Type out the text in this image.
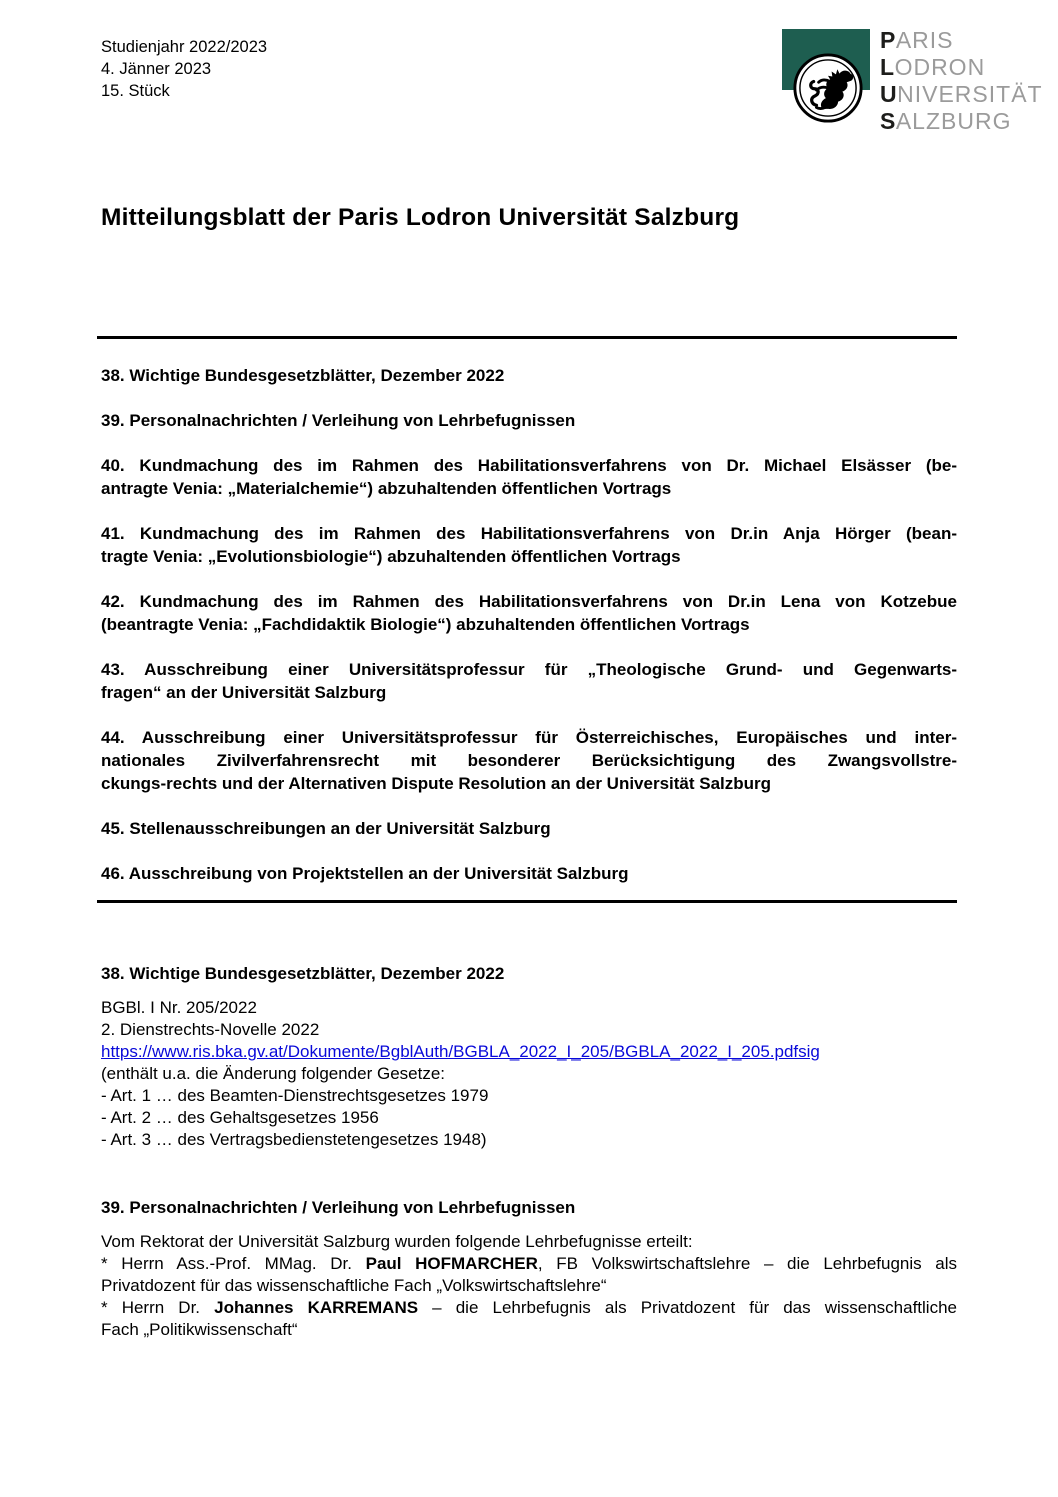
Studienjahr 2022/2023
4. Jänner 2023
15. Stück
PARIS
LODRON
UNIVERSITÄT
SALZBURG
Mitteilungsblatt der Paris Lodron Universität Salzburg
38. Wichtige Bundesgesetzblätter, Dezember 2022
39. Personalnachrichten / Verleihung von Lehrbefugnissen
40. Kundmachung des im Rahmen des Habilitationsverfahrens von Dr. Michael Elsässer (be-
antragte Venia: „Materialchemie“) abzuhaltenden öffentlichen Vortrags
41. Kundmachung des im Rahmen des Habilitationsverfahrens von Dr.in Anja Hörger (bean-
tragte Venia: „Evolutionsbiologie“) abzuhaltenden öffentlichen Vortrags
42. Kundmachung des im Rahmen des Habilitationsverfahrens von Dr.in Lena von Kotzebue
(beantragte Venia: „Fachdidaktik Biologie“) abzuhaltenden öffentlichen Vortrags
43. Ausschreibung einer Universitätsprofessur für „Theologische Grund- und Gegenwarts-
fragen“ an der Universität Salzburg
44. Ausschreibung einer Universitätsprofessur für Österreichisches, Europäisches und inter-
nationales Zivilverfahrensrecht mit besonderer Berücksichtigung des Zwangsvollstre-
ckungs-rechts und der Alternativen Dispute Resolution an der Universität Salzburg
45. Stellenausschreibungen an der Universität Salzburg
46. Ausschreibung von Projektstellen an der Universität Salzburg
38. Wichtige Bundesgesetzblätter, Dezember 2022
BGBl. I Nr. 205/2022
2. Dienstrechts-Novelle 2022
https://www.ris.bka.gv.at/Dokumente/BgblAuth/BGBLA_2022_I_205/BGBLA_2022_I_205.pdfsig
(enthält u.a. die Änderung folgender Gesetze:
- Art. 1 … des Beamten-Dienstrechtsgesetzes 1979
- Art. 2 … des Gehaltsgesetzes 1956
- Art. 3 … des Vertragsbedienstetengesetzes 1948)
39. Personalnachrichten / Verleihung von Lehrbefugnissen
Vom Rektorat der Universität Salzburg wurden folgende Lehrbefugnisse erteilt:
* Herrn Ass.-Prof. MMag. Dr. Paul HOFMARCHER, FB Volkswirtschaftslehre – die Lehrbefugnis als
Privatdozent für das wissenschaftliche Fach „Volkswirtschaftslehre“
* Herrn Dr. Johannes KARREMANS – die Lehrbefugnis als Privatdozent für das wissenschaftliche
Fach „Politikwissenschaft“
